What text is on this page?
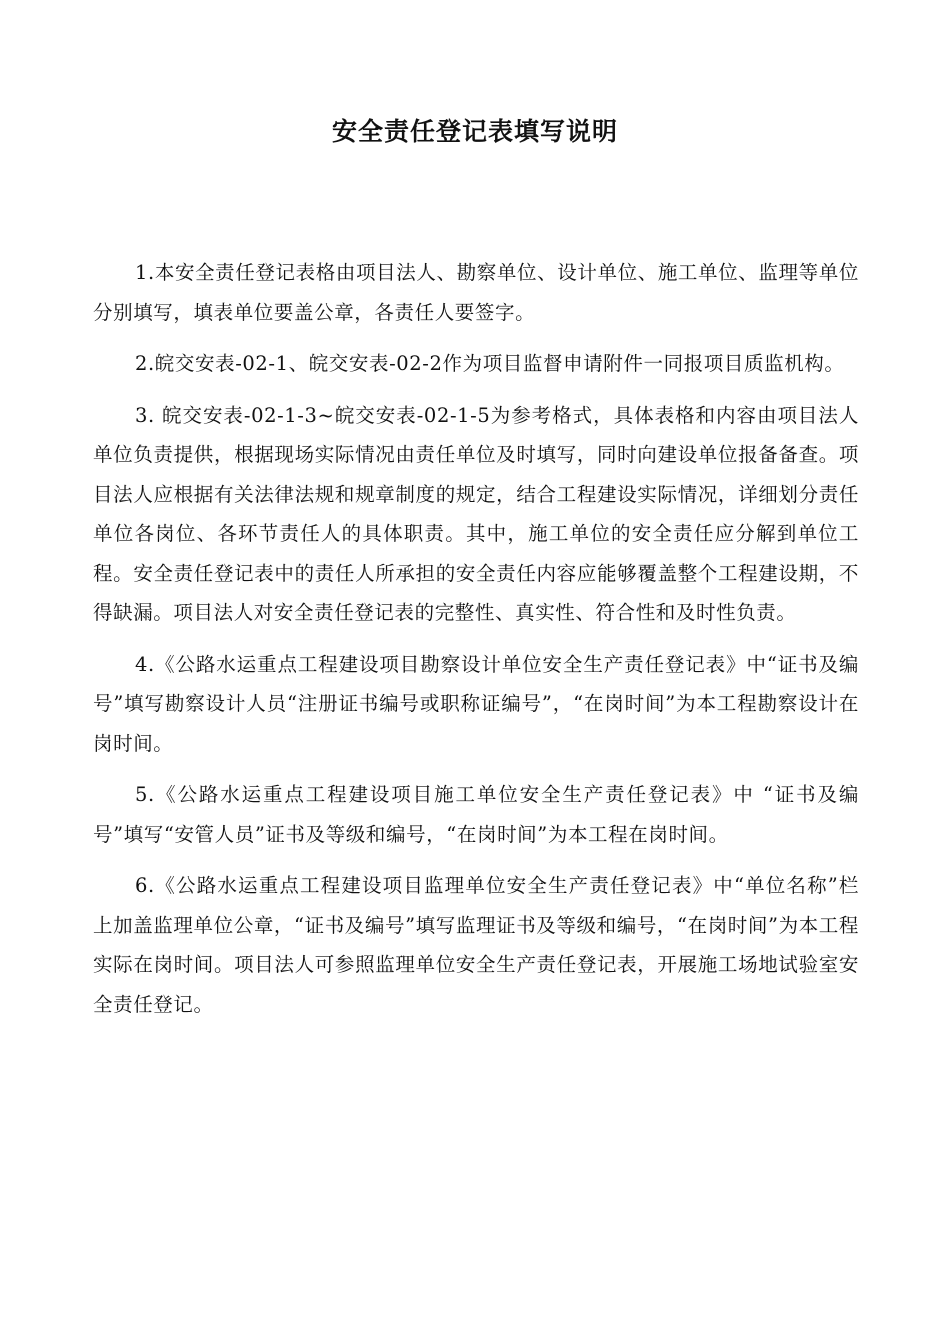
安全责任登记表填写说明

1.本安全责任登记表格由项目法人、勘察单位、设计单位、施工单位、监理等单位分别填写，填表单位要盖公章，各责任人要签字。

2.皖交安表-02-1、皖交安表-02-2作为项目监督申请附件一同报项目质监机构。

3. 皖交安表-02-1-3~皖交安表-02-1-5为参考格式，具体表格和内容由项目法人单位负责提供，根据现场实际情况由责任单位及时填写，同时向建设单位报备备查。项目法人应根据有关法律法规和规章制度的规定，结合工程建设实际情况，详细划分责任单位各岗位、各环节责任人的具体职责。其中，施工单位的安全责任应分解到单位工程。安全责任登记表中的责任人所承担的安全责任内容应能够覆盖整个工程建设期，不得缺漏。项目法人对安全责任登记表的完整性、真实性、符合性和及时性负责。

4.《公路水运重点工程建设项目勘察设计单位安全生产责任登记表》中“证书及编号”填写勘察设计人员“注册证书编号或职称证编号”，“在岗时间”为本工程勘察设计在岗时间。

5.《公路水运重点工程建设项目施工单位安全生产责任登记表》中 “证书及编号”填写“安管人员”证书及等级和编号，“在岗时间”为本工程在岗时间。

6.《公路水运重点工程建设项目监理单位安全生产责任登记表》中“单位名称”栏上加盖监理单位公章，“证书及编号”填写监理证书及等级和编号，“在岗时间”为本工程实际在岗时间。项目法人可参照监理单位安全生产责任登记表，开展施工场地试验室安全责任登记。
